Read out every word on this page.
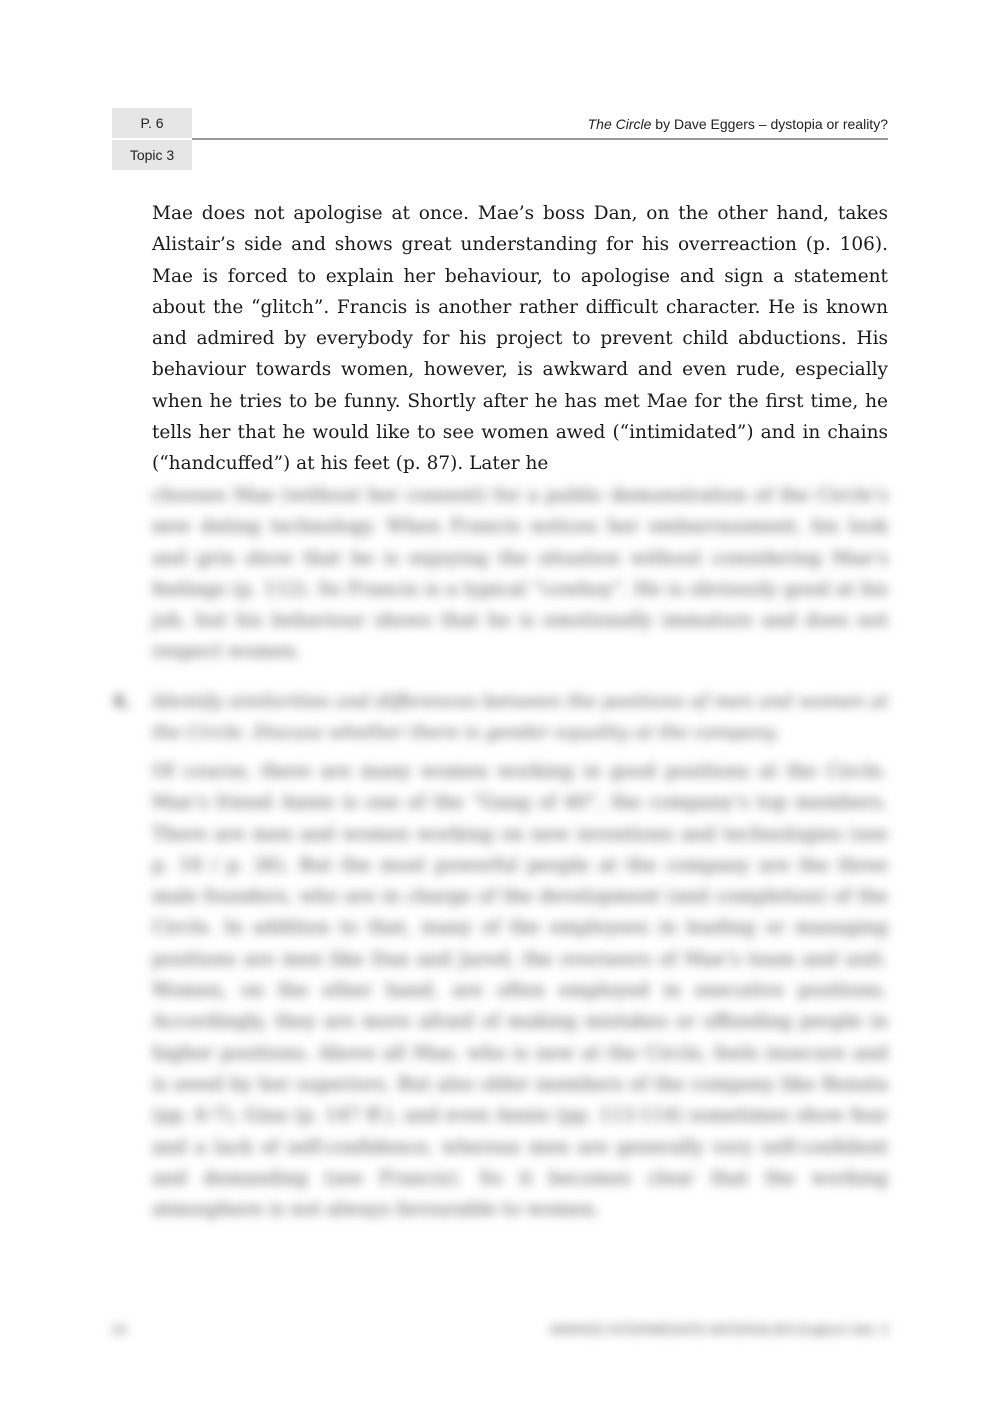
P. 6
Topic 3
The Circle by Dave Eggers – dystopia or reality?

Mae does not apologise at once. Mae’s boss Dan, on the other hand, takes Alistair’s side and shows great understanding for his overreaction (p. 106). Mae is forced to explain her behaviour, to apologise and sign a statement about the “glitch”. Francis is another rather difficult character. He is known and admired by everybody for his project to prevent child abductions. His behaviour towards women, however, is awkward and even rude, especially when he tries to be funny. Shortly after he has met Mae for the first time, he tells her that he would like to see women awed (“intimidated”) and in chains (“handcuffed”) at his feet (p. 87). Later he

chooses Mae (without her consent) for a public demonstration of the Circle’s new dating technology. When Francis notices her embarrassment, his look and grin show that he is enjoying the situation without considering Mae’s feelings (p. 112). So Francis is a typical “cowboy”. He is obviously good at his job, but his behaviour shows that he is emotionally immature and does not respect women.

4. Identify similarities and differences between the positions of men and women at the Circle. Discuss whether there is gender equality at the company.

Of course, there are many women working in good positions at the Circle. Mae’s friend Annie is one of the “Gang of 40”, the company’s top members. There are men and women working on new inventions and technologies (see p. 18 / p. 36). But the most powerful people at the company are the three male founders, who are in charge of the development (and completion) of the Circle. In addition to that, many of the employees in leading or managing positions are men like Dan and Jared, the overseers of Mae’s team and unit. Women, on the other hand, are often employed in executive positions. Accordingly, they are more afraid of making mistakes or offending people in higher positions. Above all Mae, who is new at the Circle, feels insecure and is awed by her superiors. But also older members of the company like Renata (pp. 6-7), Gina (p. 147 ff.), and even Annie (pp. 113-114) sometimes show fear and a lack of self-confidence, whereas men are generally very self-confident and demanding (see Francis). So it becomes clear that the working atmosphere is not always favourable to women.

24	MARKED INTERMEDIATE MATERIALIEN Englisch Sek. II
